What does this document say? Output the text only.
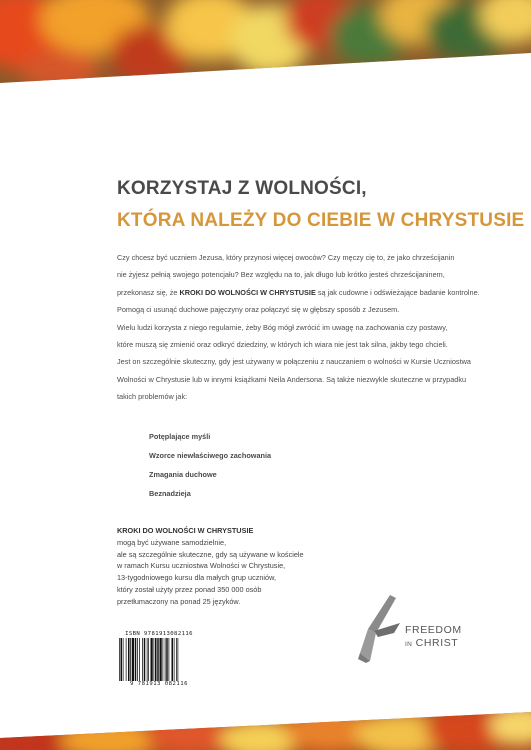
KORZYSTAJ Z WOLNOŚCI,
KTÓRA NALEŻY DO CIEBIE W CHRYSTUSIE

Czy chcesz być uczniem Jezusa, który przynosi więcej owoców? Czy męczy cię to, że jako chrześcijanin

nie żyjesz pełnią swojego potencjału? Bez względu na to, jak długo lub krótko jesteś chrześcijaninem,

przekonasz się, że KROKI DO WOLNOŚCI W CHRYSTUSIE są jak cudowne i odświeżające badanie kontrolne.

Pomogą ci usunąć duchowe pajęczyny oraz połączyć się w głębszy sposób z Jezusem.

Wielu ludzi korzysta z niego regularnie, żeby Bóg mógł zwrócić im uwagę na zachowania czy postawy,

które muszą się zmienić oraz odkryć dziedziny, w których ich wiara nie jest tak silna, jakby tego chcieli.

Jest on szczególnie skuteczny, gdy jest używany w połączeniu z nauczaniem o wolności w Kursie Uczniostwa

Wolności w Chrystusie lub w innymi książkami Neila Andersona. Są także niezwykle skuteczne w przypadku

takich problemów jak:

Potęplające myśli
Wzorce niewłaściwego zachowania
Zmagania duchowe
Beznadzieja
KROKI DO WOLNOŚCI W CHRYSTUSIE
mogą być używane samodzielnie,
ale są szczególnie skuteczne, gdy są używane w kościele
w ramach Kursu uczniostwa Wolności w Chrystusie,
13-tygodniowego kursu dla małych grup uczniów,
który został użyty przez ponad 350 000 osób
przetłumaczony na ponad 25 języków.
ISBN 9781913082116
9 781913 082116
FREEDOM
IN CHRIST
